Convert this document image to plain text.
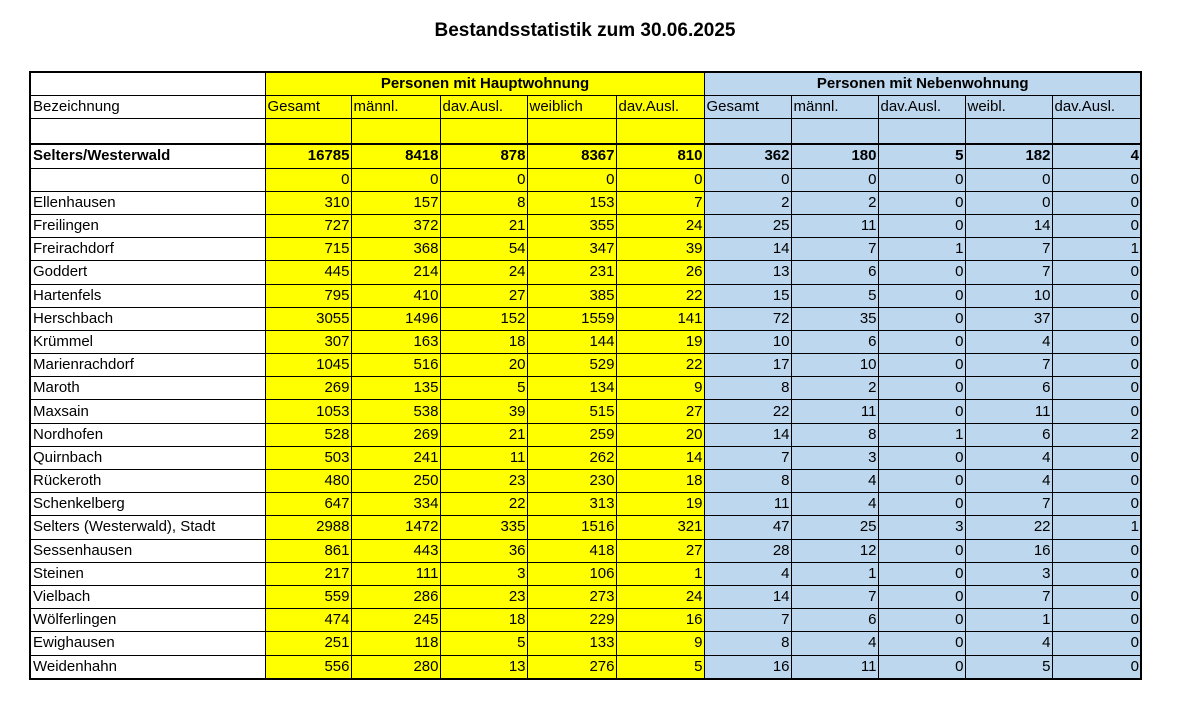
Bestandsstatistik zum 30.06.2025
	Personen mit Hauptwohnung					Personen mit Nebenwohnung				
Bezeichnung	Gesamt	männl.	dav.Ausl.	weiblich	dav.Ausl.	Gesamt	männl.	dav.Ausl.	weibl.	dav.Ausl.

Selters/Westerwald	16785	8418	878	8367	810	362	180	5	182	4
	0	0	0	0	0	0	0	0	0	0
Ellenhausen	310	157	8	153	7	2	2	0	0	0
Freilingen	727	372	21	355	24	25	11	0	14	0
Freirachdorf	715	368	54	347	39	14	7	1	7	1
Goddert	445	214	24	231	26	13	6	0	7	0
Hartenfels	795	410	27	385	22	15	5	0	10	0
Herschbach	3055	1496	152	1559	141	72	35	0	37	0
Krümmel	307	163	18	144	19	10	6	0	4	0
Marienrachdorf	1045	516	20	529	22	17	10	0	7	0
Maroth	269	135	5	134	9	8	2	0	6	0
Maxsain	1053	538	39	515	27	22	11	0	11	0
Nordhofen	528	269	21	259	20	14	8	1	6	2
Quirnbach	503	241	11	262	14	7	3	0	4	0
Rückeroth	480	250	23	230	18	8	4	0	4	0
Schenkelberg	647	334	22	313	19	11	4	0	7	0
Selters (Westerwald), Stadt	2988	1472	335	1516	321	47	25	3	22	1
Sessenhausen	861	443	36	418	27	28	12	0	16	0
Steinen	217	111	3	106	1	4	1	0	3	0
Vielbach	559	286	23	273	24	14	7	0	7	0
Wölferlingen	474	245	18	229	16	7	6	0	1	0
Ewighausen	251	118	5	133	9	8	4	0	4	0
Weidenhahn	556	280	13	276	5	16	11	0	5	0
